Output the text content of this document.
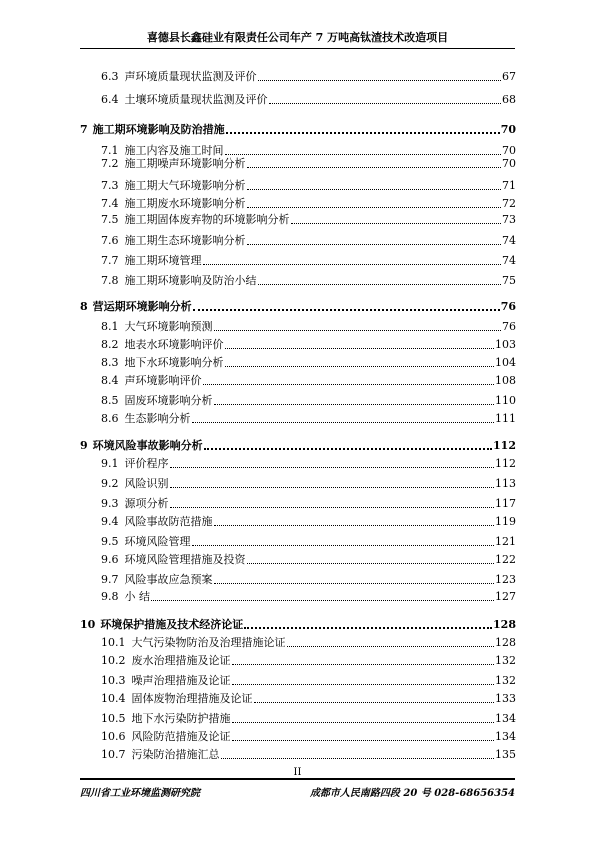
喜德县长鑫硅业有限责任公司年产 7 万吨高钛渣技术改造项目
6.3 声环境质量现状监测及评价	67
6.4 土壤环境质量现状监测及评价	68
7 施工期环境影响及防治措施	70
7.1 施工内容及施工时间	70
7.2 施工期噪声环境影响分析	70
7.3 施工期大气环境影响分析	71
7.4 施工期废水环境影响分析	72
7.5 施工期固体废弃物的环境影响分析	73
7.6 施工期生态环境影响分析	74
7.7 施工期环境管理	74
7.8 施工期环境影响及防治小结	75
8 营运期环境影响分析	76
8.1 大气环境影响预测	76
8.2 地表水环境影响评价	103
8.3 地下水环境影响分析	104
8.4 声环境影响评价	108
8.5 固废环境影响分析	110
8.6 生态影响分析	111
9 环境风险事故影响分析	112
9.1 评价程序	112
9.2 风险识别	113
9.3 源项分析	117
9.4 风险事故防范措施	119
9.5 环境风险管理	121
9.6 环境风险管理措施及投资	122
9.7 风险事故应急预案	123
9.8 小 结	127
10 环境保护措施及技术经济论证	128
10.1 大气污染物防治及治理措施论证	128
10.2 废水治理措施及论证	132
10.3 噪声治理措施及论证	132
10.4 固体废物治理措施及论证	133
10.5 地下水污染防护措施	134
10.6 风险防范措施及论证	134
10.7 污染防治措施汇总	135
II
四川省工业环境监测研究院	成都市人民南路四段 20 号 028-68656354
